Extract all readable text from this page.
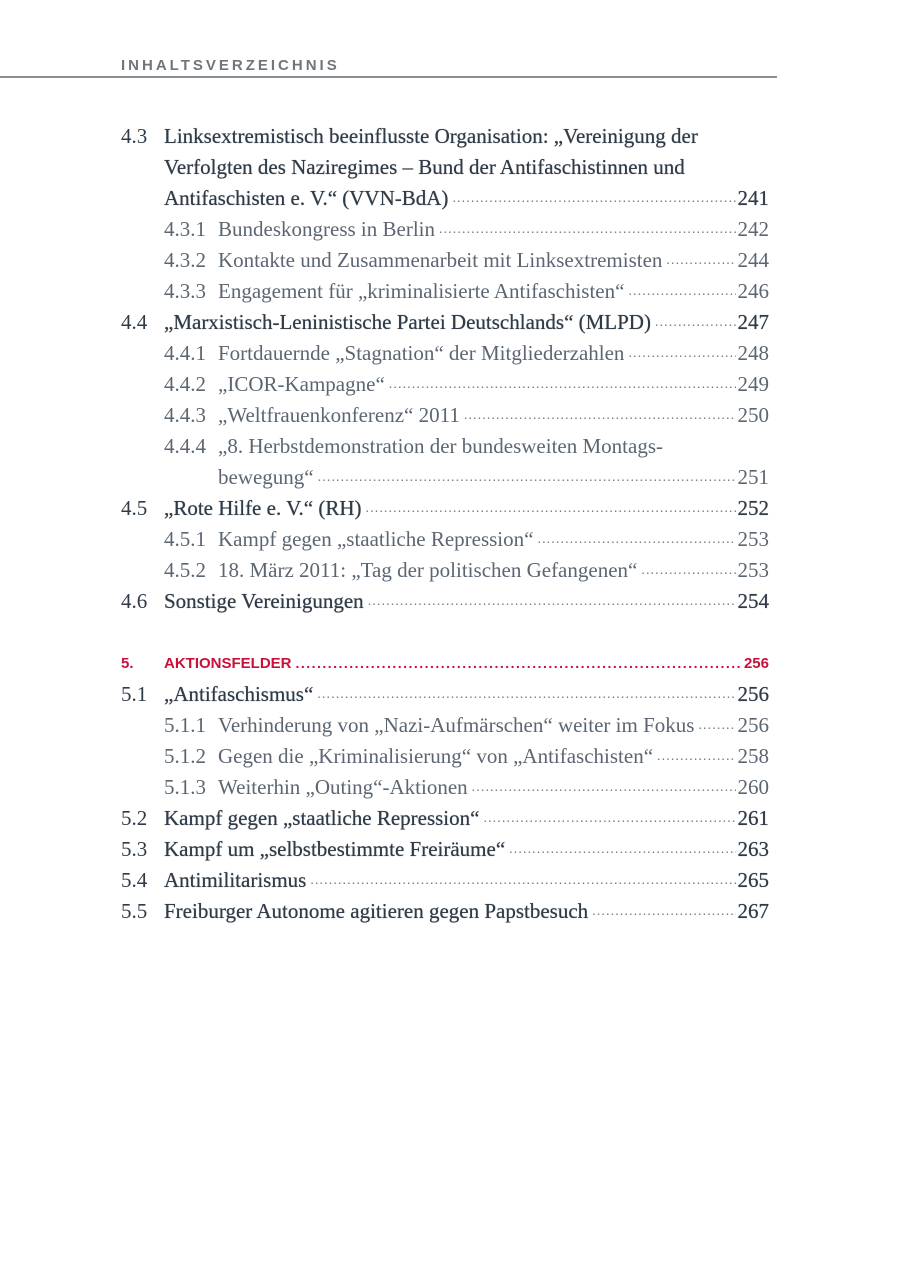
INHALTSVERZEICHNIS
4.3 Linksextremistisch beeinflusste Organisation: „Vereinigung der
Verfolgten des Naziregimes – Bund der Antifaschistinnen und
Antifaschisten e. V.“ (VVN-BdA) . . .	241
4.3.1 Bundeskongress in Berlin . . .	242
4.3.2 Kontakte und Zusammenarbeit mit Linksextremisten . . .	244
4.3.3 Engagement für „kriminalisierte Antifaschisten“ . . .	246
4.4 „Marxistisch-Leninistische Partei Deutschlands“ (MLPD) . . .	247
4.4.1 Fortdauernde „Stagnation“ der Mitgliederzahlen . . .	248
4.4.2 „ICOR-Kampagne“ . . .	249
4.4.3 „Weltfrauenkonferenz“ 2011 . . .	250
4.4.4 „8. Herbstdemonstration der bundesweiten Montags-
bewegung“ . . .	251
4.5 „Rote Hilfe e. V.“ (RH) . . .	252
4.5.1 Kampf gegen „staatliche Repression“ . . .	253
4.5.2 18. März 2011: „Tag der politischen Gefangenen“ . . .	253
4.6 Sonstige Vereinigungen . . .	254
5. AKTIONSFELDER . . .	256
5.1 „Antifaschismus“ . . .	256
5.1.1 Verhinderung von „Nazi-Aufmärschen“ weiter im Fokus . . . 256
5.1.2 Gegen die „Kriminalisierung“ von „Antifaschisten“ . . .	258
5.1.3 Weiterhin „Outing“-Aktionen . . .	260
5.2 Kampf gegen „staatliche Repression“ . . .	261
5.3 Kampf um „selbstbestimmte Freiräume“ . . .	263
5.4 Antimilitarismus . . .	265
5.5 Freiburger Autonome agitieren gegen Papstbesuch . . .	267
